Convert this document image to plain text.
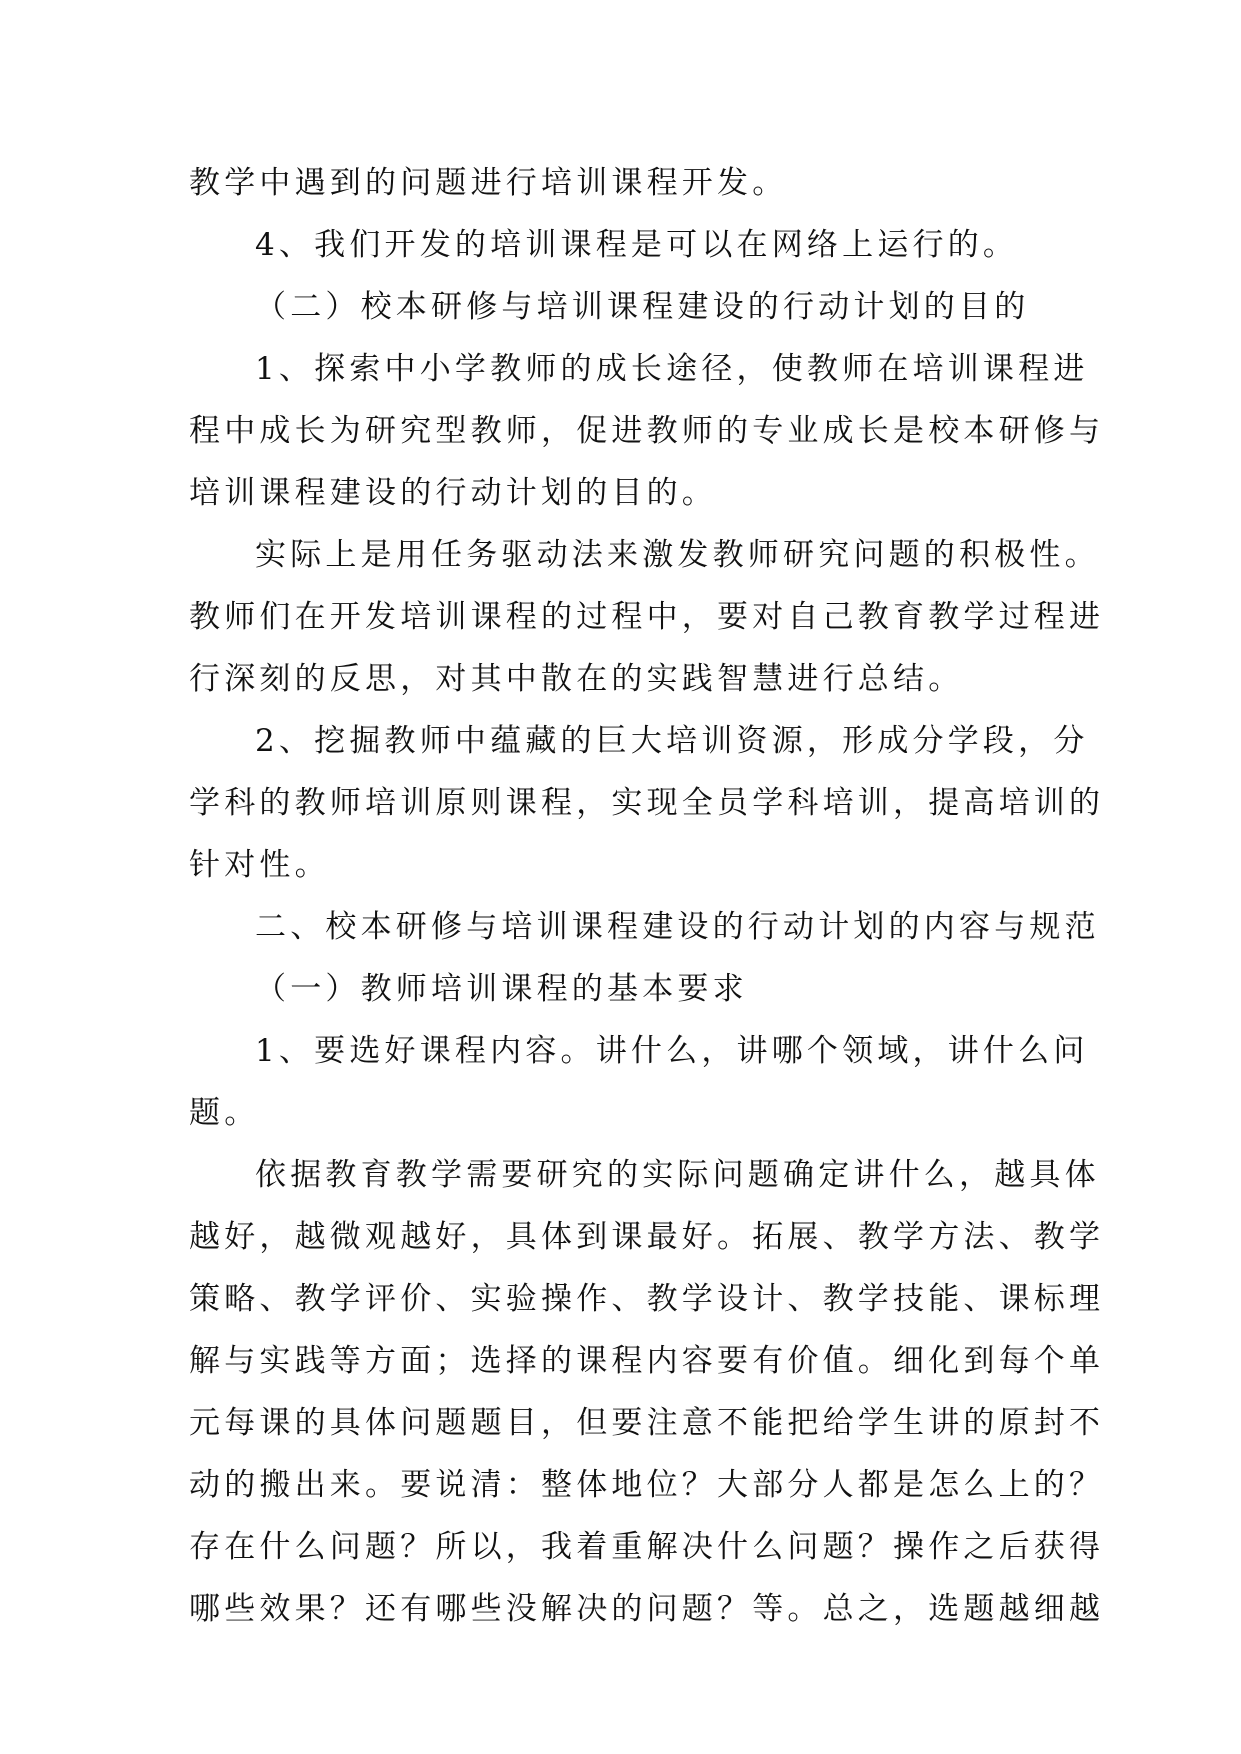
教学中遇到的问题进行培训课程开发。

4、我们开发的培训课程是可以在网络上运行的。

（二）校本研修与培训课程建设的行动计划的目的

1、探索中小学教师的成长途径，使教师在培训课程进

程中成长为研究型教师，促进教师的专业成长是校本研修与

培训课程建设的行动计划的目的。

实际上是用任务驱动法来激发教师研究问题的积极性。

教师们在开发培训课程的过程中，要对自己教育教学过程进

行深刻的反思，对其中散在的实践智慧进行总结。

2、挖掘教师中蕴藏的巨大培训资源，形成分学段，分

学科的教师培训原则课程，实现全员学科培训，提高培训的

针对性。

二、校本研修与培训课程建设的行动计划的内容与规范

（一）教师培训课程的基本要求

1、要选好课程内容。讲什么，讲哪个领域，讲什么问

题。

依据教育教学需要研究的实际问题确定讲什么，越具体

越好，越微观越好，具体到课最好。拓展、教学方法、教学

策略、教学评价、实验操作、教学设计、教学技能、课标理

解与实践等方面；选择的课程内容要有价值。细化到每个单

元每课的具体问题题目，但要注意不能把给学生讲的原封不

动的搬出来。要说清：整体地位？大部分人都是怎么上的？

存在什么问题？所以，我着重解决什么问题？操作之后获得

哪些效果？还有哪些没解决的问题？等。总之，选题越细越
